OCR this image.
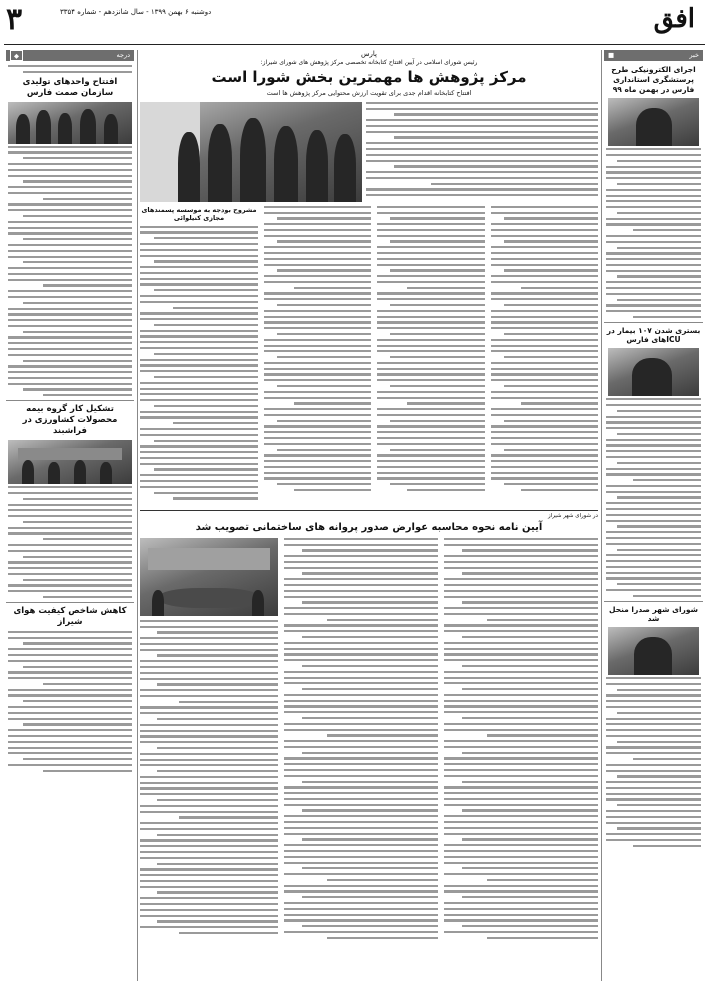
۳	دوشنبه ۶ بهمن ۱۳۹۹ - سال شانزدهم - شماره ۳۳۵۴	افق
درجه
◆
افتتاح واحدهای تولیدی سازمان صمت فارس
تشکیل کار گروه بیمه محصولات کشاورزی در فراشبند
کاهش شاخص کیفیت هوای شیراز
پارس
رئیس شورای اسلامی در آیین افتتاح کتابخانه تخصصی مرکز پژوهش های شورای شیراز:
مرکز پژوهش ها مهمترین بخش شورا است
افتتاح کتابخانه اقدام جدی برای تقویت ارزش محتوایی مرکز پژوهش ها است
مشروح بودجه به موسسه پسمندهای مجازی کنیلوائی
در شورای شهر شیراز
آیین نامه نحوه محاسبه عوارض صدور پروانه های ساختمانی تصویب شد
خبر
■
اجرای الکترونیکی طرح پرستشگری استانداری فارس در بهمن ماه ۹۹
بستری شدن ۱۰۷ بیمار در ICUهای فارس
شورای شهر صدرا منحل شد
